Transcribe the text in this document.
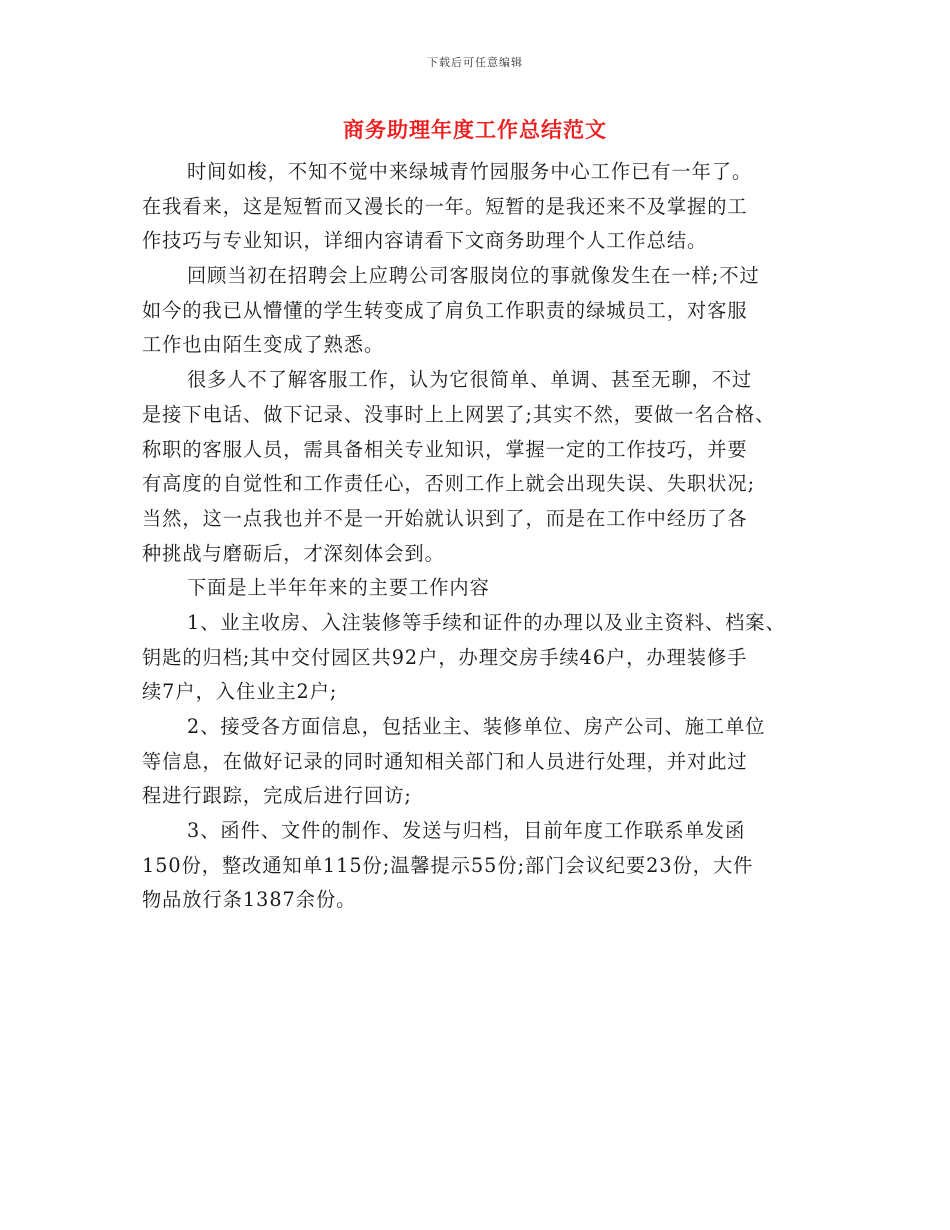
下载后可任意编辑
商务助理年度工作总结范文

时间如梭，不知不觉中来绿城青竹园服务中心工作已有一年了。
在我看来，这是短暂而又漫长的一年。短暂的是我还来不及掌握的工
作技巧与专业知识，详细内容请看下文商务助理个人工作总结。

回顾当初在招聘会上应聘公司客服岗位的事就像发生在一样;不过
如今的我已从懵懂的学生转变成了肩负工作职责的绿城员工，对客服
工作也由陌生变成了熟悉。

很多人不了解客服工作，认为它很简单、单调、甚至无聊，不过
是接下电话、做下记录、没事时上上网罢了;其实不然，要做一名合格、
称职的客服人员，需具备相关专业知识，掌握一定的工作技巧，并要
有高度的自觉性和工作责任心，否则工作上就会出现失误、失职状况;
当然，这一点我也并不是一开始就认识到了，而是在工作中经历了各
种挑战与磨砺后，才深刻体会到。

下面是上半年年来的主要工作内容

1、业主收房、入注装修等手续和证件的办理以及业主资料、档案、
钥匙的归档;其中交付园区共92户，办理交房手续46户，办理装修手
续7户，入住业主2户;

2、接受各方面信息，包括业主、装修单位、房产公司、施工单位
等信息，在做好记录的同时通知相关部门和人员进行处理，并对此过
程进行跟踪，完成后进行回访;

3、函件、文件的制作、发送与归档，目前年度工作联系单发函
150份，整改通知单115份;温馨提示55份;部门会议纪要23份，大件
物品放行条1387余份。
